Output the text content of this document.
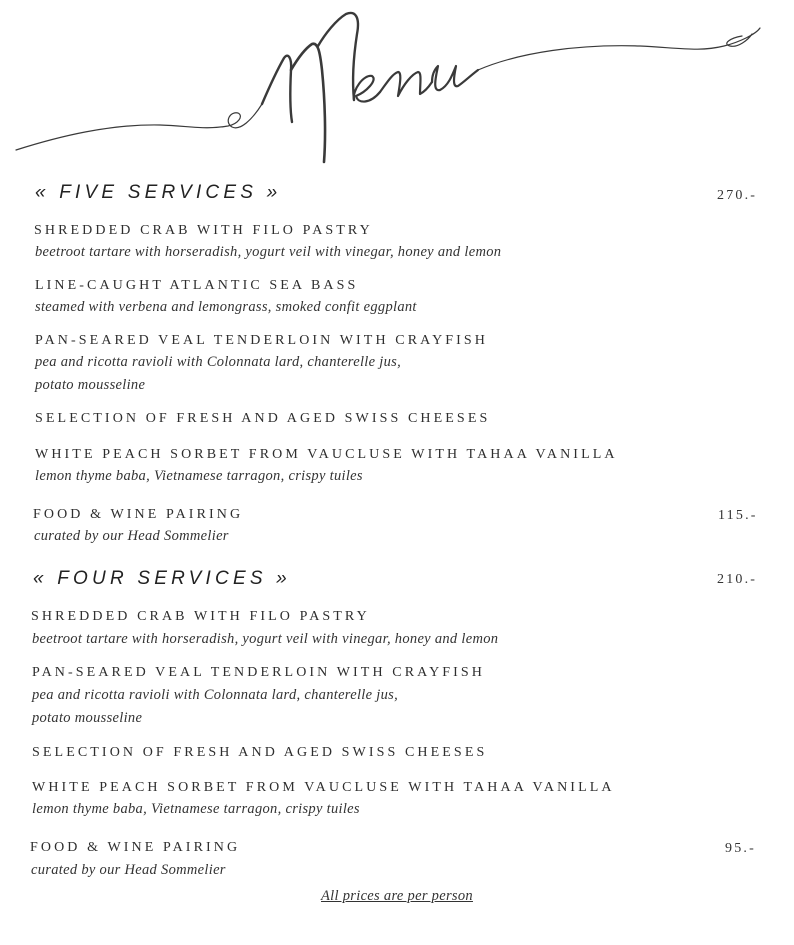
« FIVE SERVICES »	270.-
SHREDDED CRAB WITH FILO PASTRY
beetroot tartare with horseradish, yogurt veil with vinegar, honey and lemon
LINE-CAUGHT ATLANTIC SEA BASS
steamed with verbena and lemongrass, smoked confit eggplant
PAN-SEARED VEAL TENDERLOIN WITH CRAYFISH
pea and ricotta ravioli with Colonnata lard, chanterelle jus,
potato mousseline
SELECTION OF FRESH AND AGED SWISS CHEESES
WHITE PEACH SORBET FROM VAUCLUSE WITH TAHAA VANILLA
lemon thyme baba, Vietnamese tarragon, crispy tuiles
FOOD & WINE PAIRING	115.-
curated by our Head Sommelier
« FOUR SERVICES »	210.-
SHREDDED CRAB WITH FILO PASTRY
beetroot tartare with horseradish, yogurt veil with vinegar, honey and lemon
PAN-SEARED VEAL TENDERLOIN WITH CRAYFISH
pea and ricotta ravioli with Colonnata lard, chanterelle jus,
potato mousseline
SELECTION OF FRESH AND AGED SWISS CHEESES
WHITE PEACH SORBET FROM VAUCLUSE WITH TAHAA VANILLA
lemon thyme baba, Vietnamese tarragon, crispy tuiles
FOOD & WINE PAIRING	95.-
curated by our Head Sommelier
All prices are per person
